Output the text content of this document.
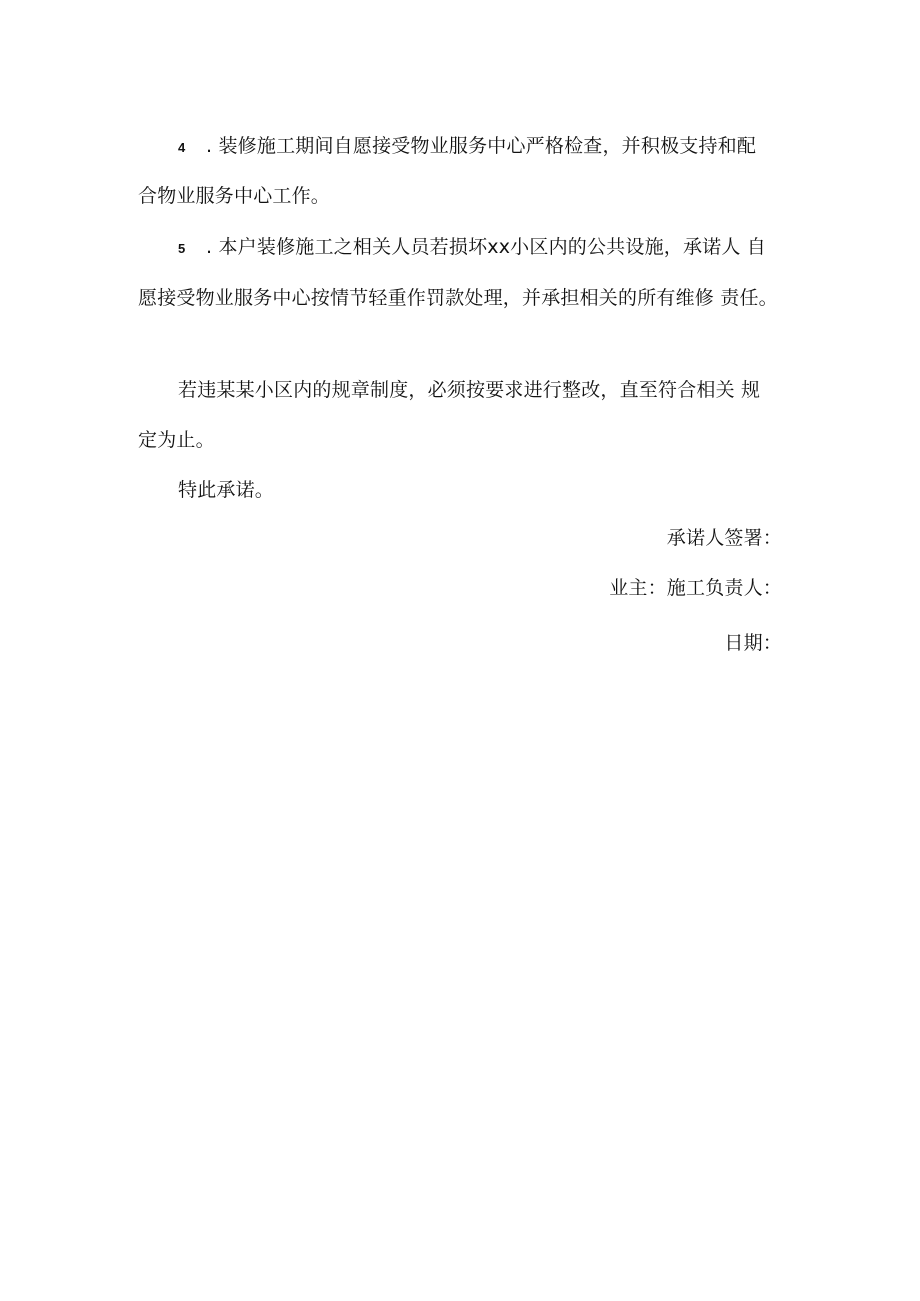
4 . 装修施工期间自愿接受物业服务中心严格检查，并积极支持和配
合物业服务中心工作。
5 . 本户装修施工之相关人员若损坏xx小区内的公共设施，承诺人 自
愿接受物业服务中心按情节轻重作罚款处理，并承担相关的所有维修 责任。
若违某某小区内的规章制度，必须按要求进行整改，直至符合相关 规
定为止。
特此承诺。
承诺人签署：
业主：施工负责人：
日期：
